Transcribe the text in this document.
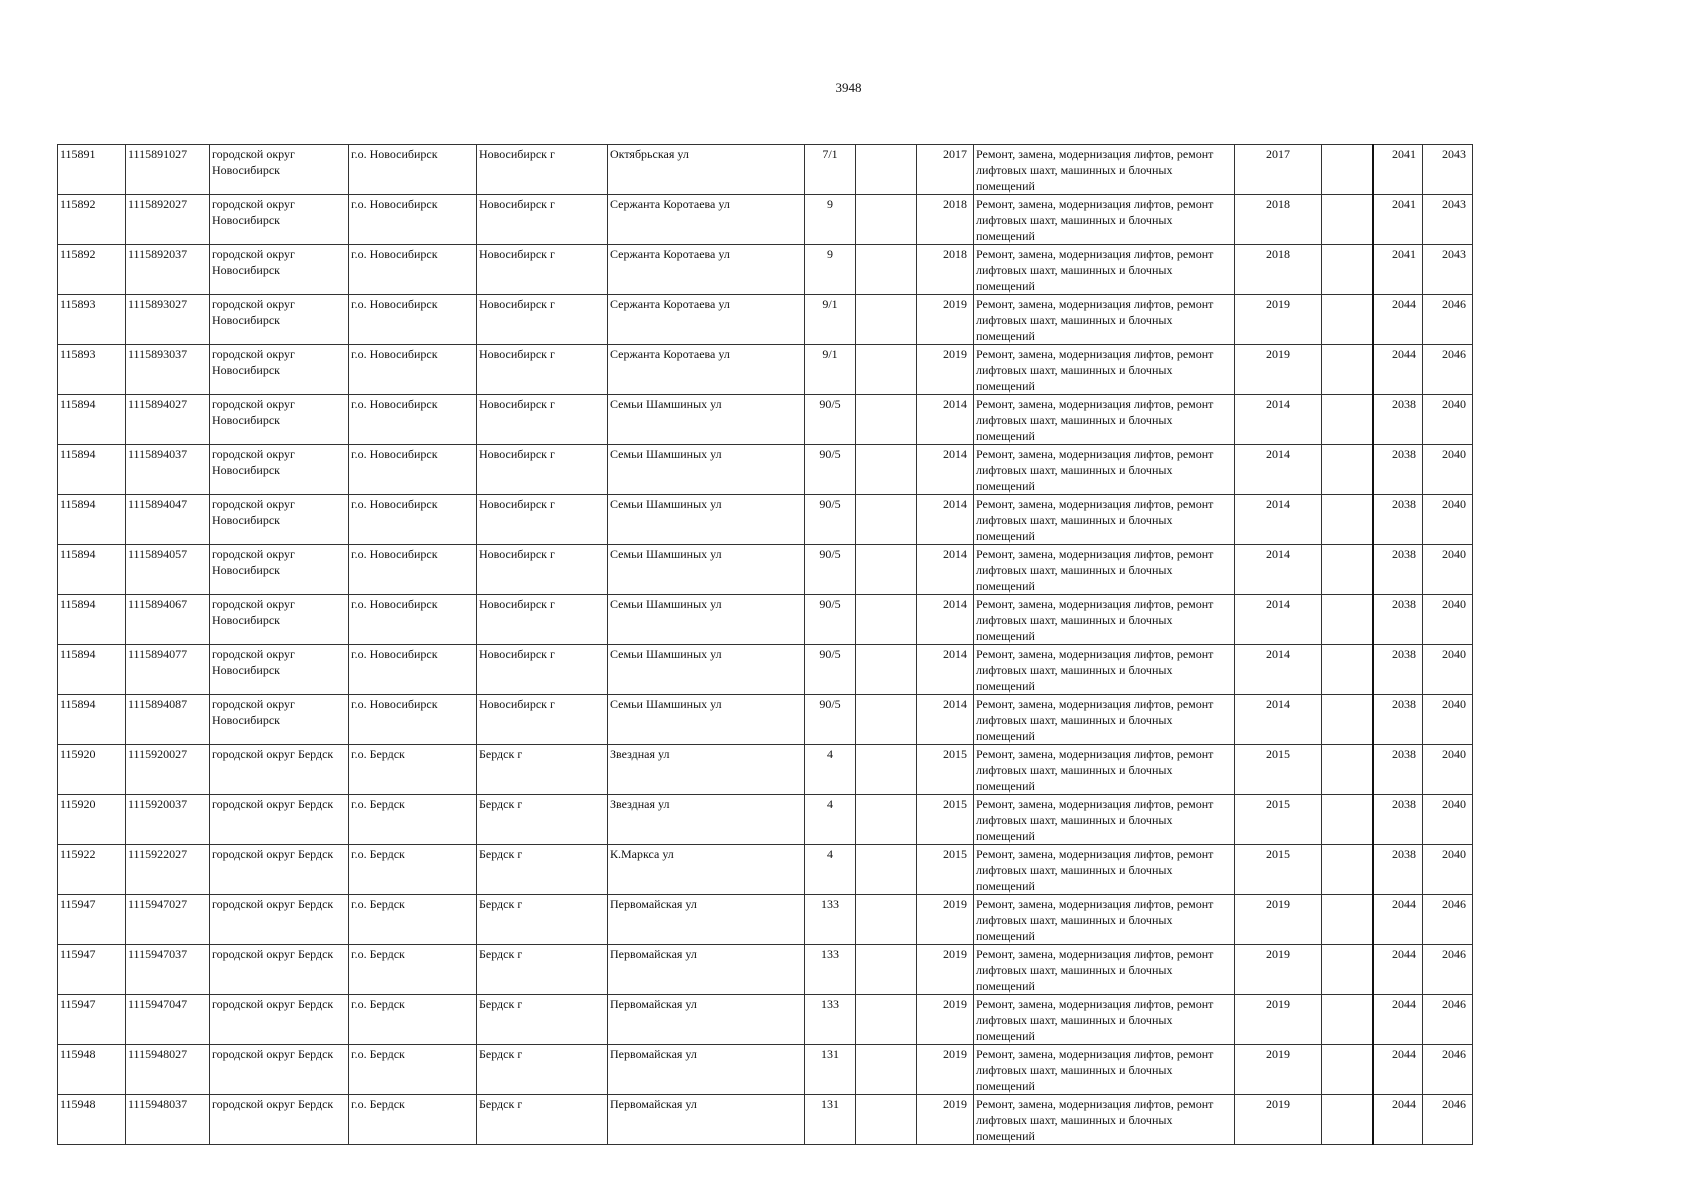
3948
115891	1115891027	городской округ Новосибирск	г.о. Новосибирск	Новосибирск г	Октябрьская ул	7/1		2017	Ремонт, замена, модернизация лифтов, ремонт лифтовых шахт, машинных и блочных помещений	2017		2041	2043
115892	1115892027	городской округ Новосибирск	г.о. Новосибирск	Новосибирск г	Сержанта Коротаева ул	9		2018	Ремонт, замена, модернизация лифтов, ремонт лифтовых шахт, машинных и блочных помещений	2018		2041	2043
115892	1115892037	городской округ Новосибирск	г.о. Новосибирск	Новосибирск г	Сержанта Коротаева ул	9		2018	Ремонт, замена, модернизация лифтов, ремонт лифтовых шахт, машинных и блочных помещений	2018		2041	2043
115893	1115893027	городской округ Новосибирск	г.о. Новосибирск	Новосибирск г	Сержанта Коротаева ул	9/1		2019	Ремонт, замена, модернизация лифтов, ремонт лифтовых шахт, машинных и блочных помещений	2019		2044	2046
115893	1115893037	городской округ Новосибирск	г.о. Новосибирск	Новосибирск г	Сержанта Коротаева ул	9/1		2019	Ремонт, замена, модернизация лифтов, ремонт лифтовых шахт, машинных и блочных помещений	2019		2044	2046
115894	1115894027	городской округ Новосибирск	г.о. Новосибирск	Новосибирск г	Семьи Шамшиных ул	90/5		2014	Ремонт, замена, модернизация лифтов, ремонт лифтовых шахт, машинных и блочных помещений	2014		2038	2040
115894	1115894037	городской округ Новосибирск	г.о. Новосибирск	Новосибирск г	Семьи Шамшиных ул	90/5		2014	Ремонт, замена, модернизация лифтов, ремонт лифтовых шахт, машинных и блочных помещений	2014		2038	2040
115894	1115894047	городской округ Новосибирск	г.о. Новосибирск	Новосибирск г	Семьи Шамшиных ул	90/5		2014	Ремонт, замена, модернизация лифтов, ремонт лифтовых шахт, машинных и блочных помещений	2014		2038	2040
115894	1115894057	городской округ Новосибирск	г.о. Новосибирск	Новосибирск г	Семьи Шамшиных ул	90/5		2014	Ремонт, замена, модернизация лифтов, ремонт лифтовых шахт, машинных и блочных помещений	2014		2038	2040
115894	1115894067	городской округ Новосибирск	г.о. Новосибирск	Новосибирск г	Семьи Шамшиных ул	90/5		2014	Ремонт, замена, модернизация лифтов, ремонт лифтовых шахт, машинных и блочных помещений	2014		2038	2040
115894	1115894077	городской округ Новосибирск	г.о. Новосибирск	Новосибирск г	Семьи Шамшиных ул	90/5		2014	Ремонт, замена, модернизация лифтов, ремонт лифтовых шахт, машинных и блочных помещений	2014		2038	2040
115894	1115894087	городской округ Новосибирск	г.о. Новосибирск	Новосибирск г	Семьи Шамшиных ул	90/5		2014	Ремонт, замена, модернизация лифтов, ремонт лифтовых шахт, машинных и блочных помещений	2014		2038	2040
115920	1115920027	городской округ Бердск	г.о. Бердск	Бердск г	Звездная ул	4		2015	Ремонт, замена, модернизация лифтов, ремонт лифтовых шахт, машинных и блочных помещений	2015		2038	2040
115920	1115920037	городской округ Бердск	г.о. Бердск	Бердск г	Звездная ул	4		2015	Ремонт, замена, модернизация лифтов, ремонт лифтовых шахт, машинных и блочных помещений	2015		2038	2040
115922	1115922027	городской округ Бердск	г.о. Бердск	Бердск г	К.Маркса ул	4		2015	Ремонт, замена, модернизация лифтов, ремонт лифтовых шахт, машинных и блочных помещений	2015		2038	2040
115947	1115947027	городской округ Бердск	г.о. Бердск	Бердск г	Первомайская ул	133		2019	Ремонт, замена, модернизация лифтов, ремонт лифтовых шахт, машинных и блочных помещений	2019		2044	2046
115947	1115947037	городской округ Бердск	г.о. Бердск	Бердск г	Первомайская ул	133		2019	Ремонт, замена, модернизация лифтов, ремонт лифтовых шахт, машинных и блочных помещений	2019		2044	2046
115947	1115947047	городской округ Бердск	г.о. Бердск	Бердск г	Первомайская ул	133		2019	Ремонт, замена, модернизация лифтов, ремонт лифтовых шахт, машинных и блочных помещений	2019		2044	2046
115948	1115948027	городской округ Бердск	г.о. Бердск	Бердск г	Первомайская ул	131		2019	Ремонт, замена, модернизация лифтов, ремонт лифтовых шахт, машинных и блочных помещений	2019		2044	2046
115948	1115948037	городской округ Бердск	г.о. Бердск	Бердск г	Первомайская ул	131		2019	Ремонт, замена, модернизация лифтов, ремонт лифтовых шахт, машинных и блочных помещений	2019		2044	2046
